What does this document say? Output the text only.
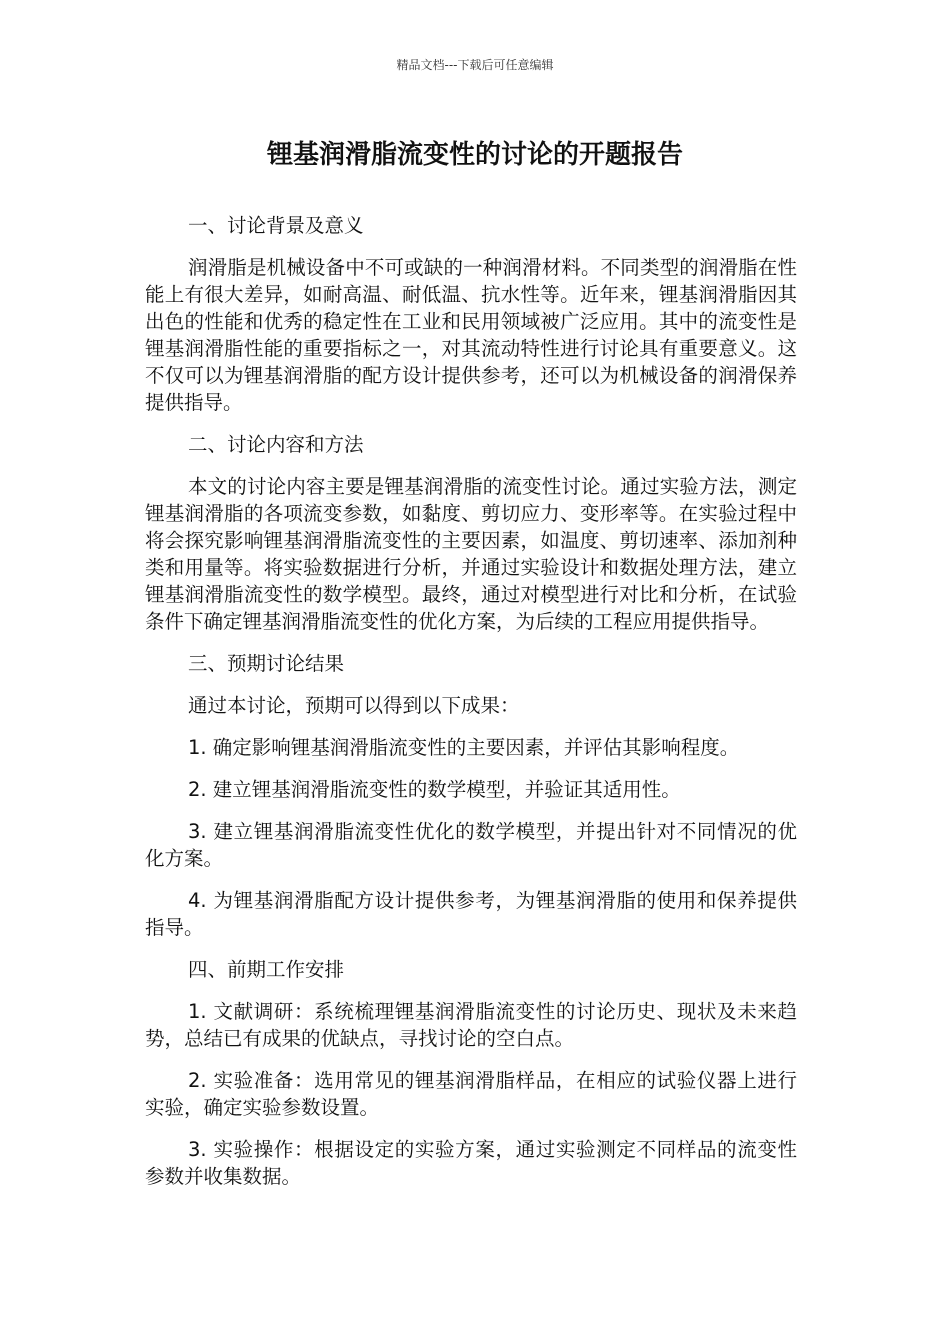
精品文档---下载后可任意编辑
锂基润滑脂流变性的讨论的开题报告

一、讨论背景及意义

润滑脂是机械设备中不可或缺的一种润滑材料。不同类型的润滑脂在性能上有很大差异，如耐高温、耐低温、抗水性等。近年来，锂基润滑脂因其出色的性能和优秀的稳定性在工业和民用领域被广泛应用。其中的流变性是锂基润滑脂性能的重要指标之一，对其流动特性进行讨论具有重要意义。这不仅可以为锂基润滑脂的配方设计提供参考，还可以为机械设备的润滑保养提供指导。

二、讨论内容和方法

本文的讨论内容主要是锂基润滑脂的流变性讨论。通过实验方法，测定锂基润滑脂的各项流变参数，如黏度、剪切应力、变形率等。在实验过程中将会探究影响锂基润滑脂流变性的主要因素，如温度、剪切速率、添加剂种类和用量等。将实验数据进行分析，并通过实验设计和数据处理方法，建立锂基润滑脂流变性的数学模型。最终，通过对模型进行对比和分析，在试验条件下确定锂基润滑脂流变性的优化方案，为后续的工程应用提供指导。

三、预期讨论结果

通过本讨论，预期可以得到以下成果：

1. 确定影响锂基润滑脂流变性的主要因素，并评估其影响程度。

2. 建立锂基润滑脂流变性的数学模型，并验证其适用性。

3. 建立锂基润滑脂流变性优化的数学模型，并提出针对不同情况的优化方案。

4. 为锂基润滑脂配方设计提供参考，为锂基润滑脂的使用和保养提供指导。

四、前期工作安排

1. 文献调研：系统梳理锂基润滑脂流变性的讨论历史、现状及未来趋势，总结已有成果的优缺点，寻找讨论的空白点。

2. 实验准备：选用常见的锂基润滑脂样品，在相应的试验仪器上进行实验，确定实验参数设置。

3. 实验操作：根据设定的实验方案，通过实验测定不同样品的流变性参数并收集数据。
